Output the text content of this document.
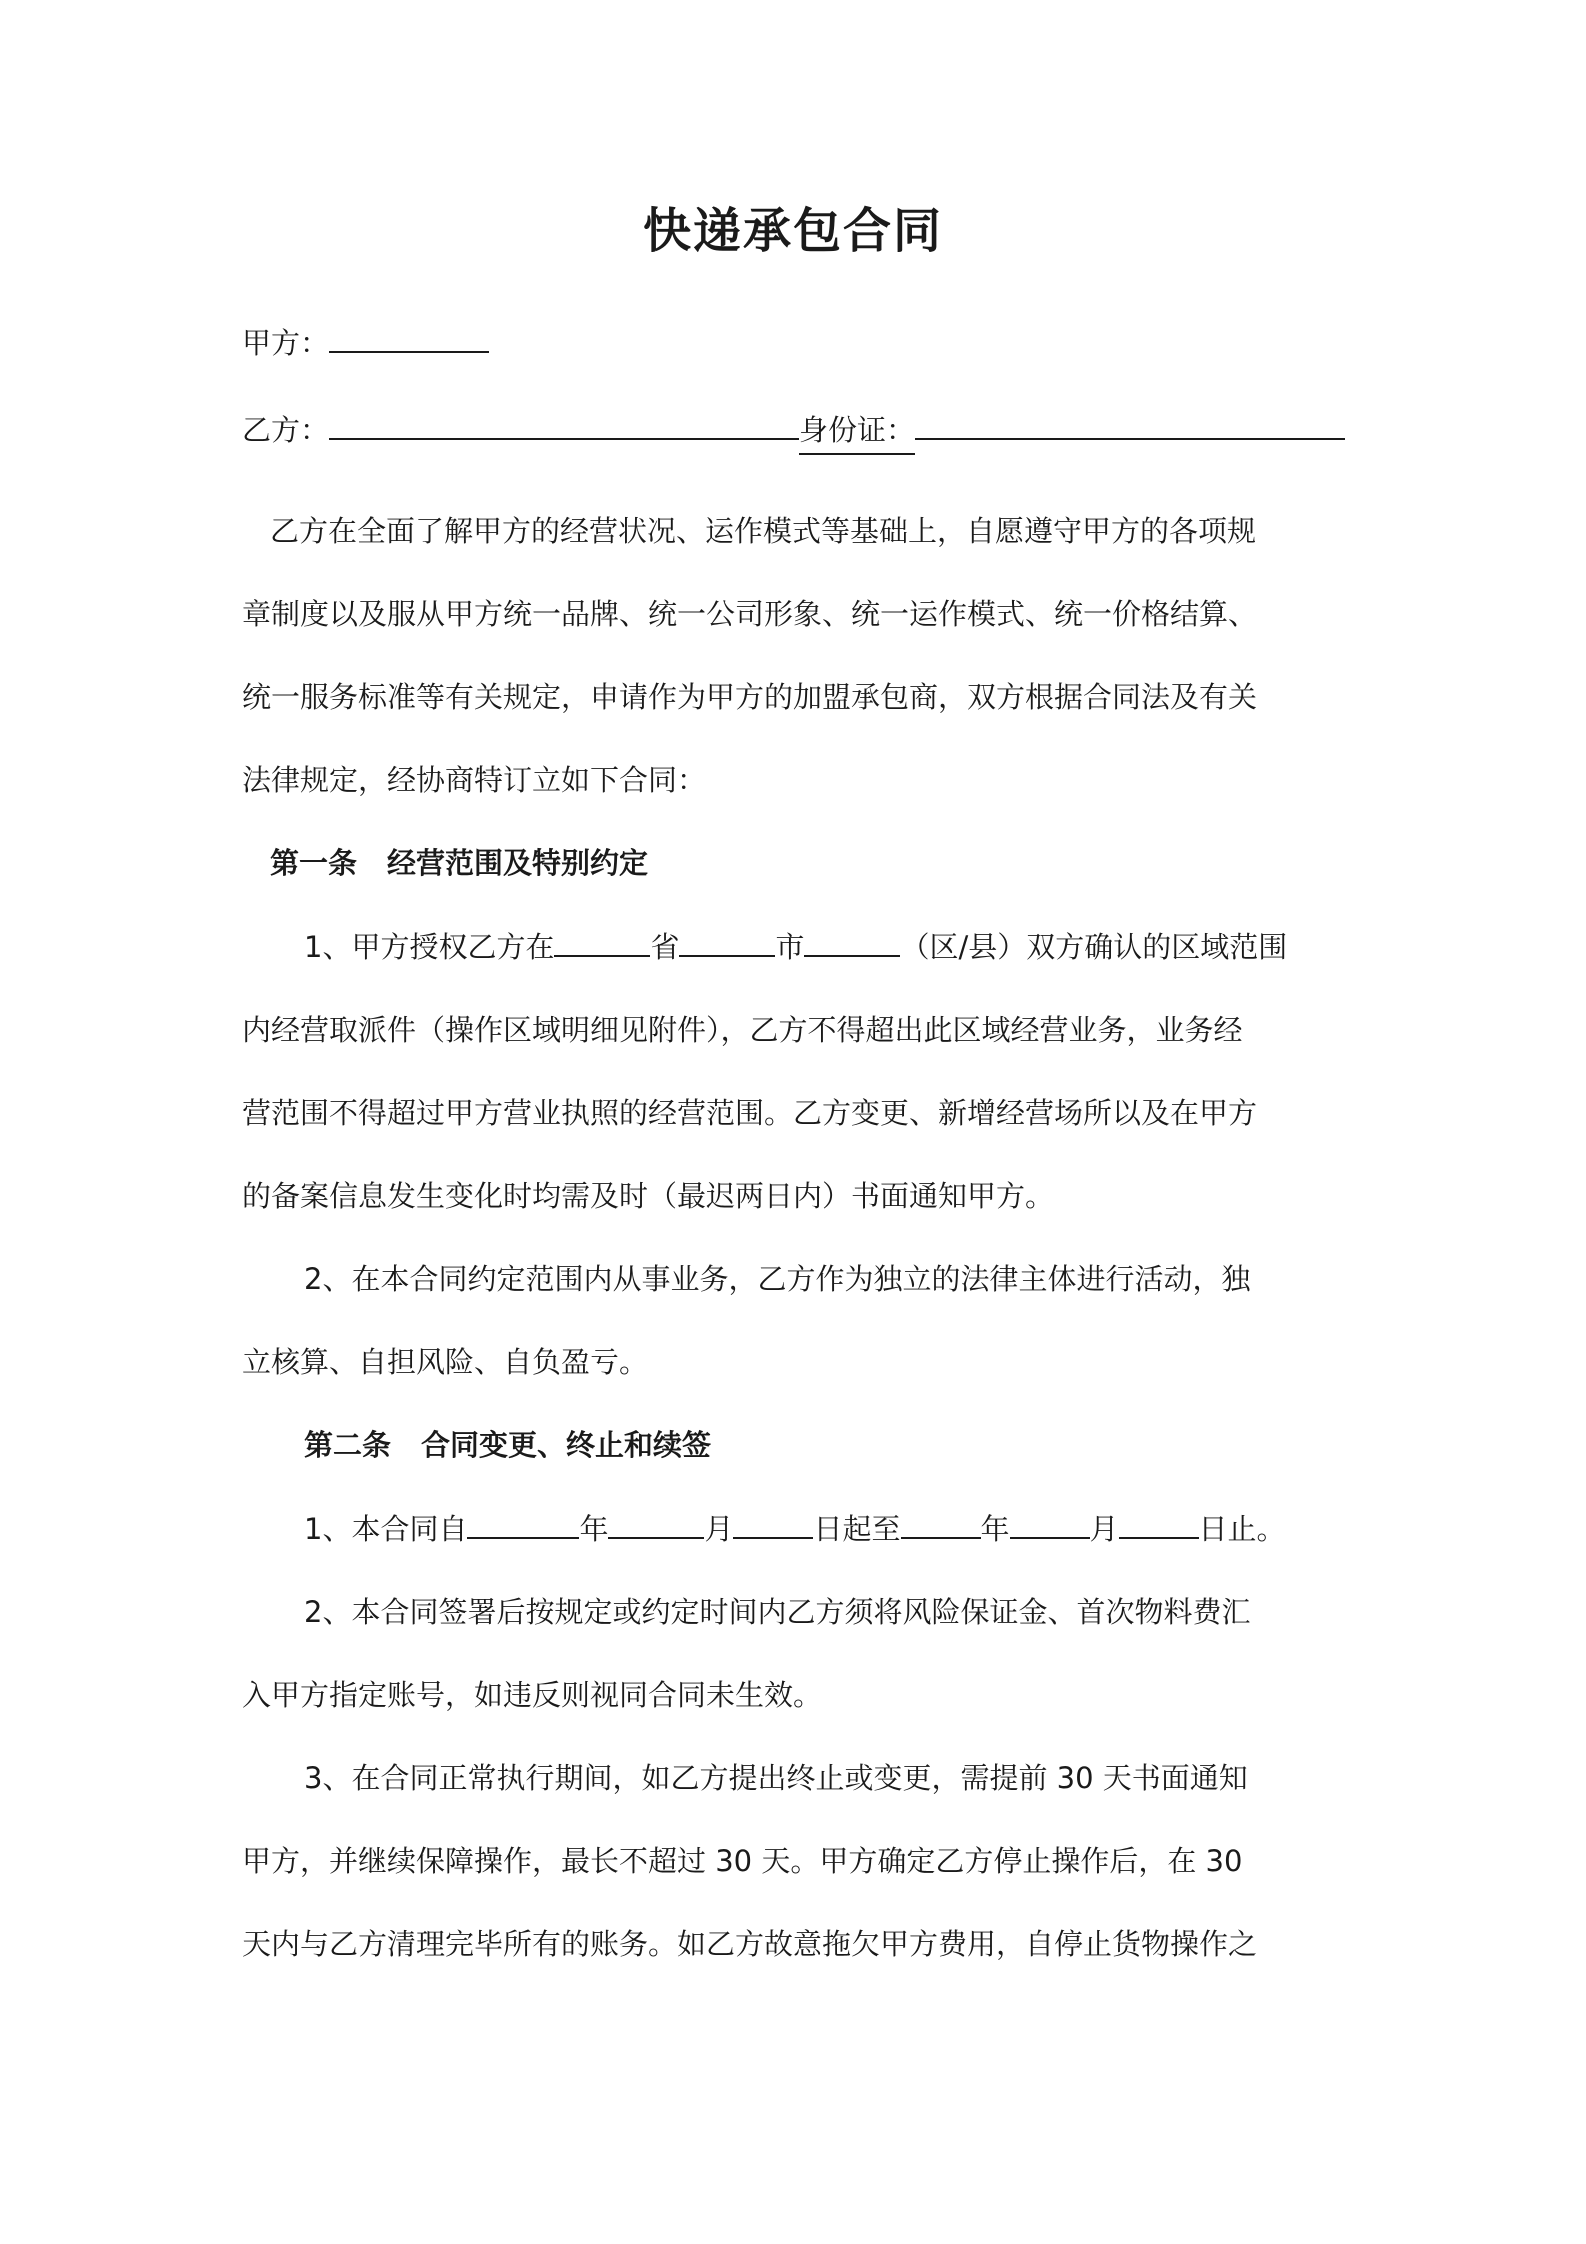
快递承包合同
甲方：
乙方：	身份证：
乙方在全面了解甲方的经营状况、运作模式等基础上，自愿遵守甲方的各项规
章制度以及服从甲方统一品牌、统一公司形象、统一运作模式、统一价格结算、
统一服务标准等有关规定，申请作为甲方的加盟承包商，双方根据合同法及有关
法律规定，经协商特订立如下合同：
第一条 经营范围及特别约定
1、甲方授权乙方在	省	市	（区/县）双方确认的区域范围
内经营取派件（操作区域明细见附件），乙方不得超出此区域经营业务，业务经
营范围不得超过甲方营业执照的经营范围。乙方变更、新增经营场所以及在甲方
的备案信息发生变化时均需及时（最迟两日内）书面通知甲方。
2、在本合同约定范围内从事业务，乙方作为独立的法律主体进行活动，独
立核算、自担风险、自负盈亏。
第二条 合同变更、终止和续签
1、本合同自	年	月	日起至	年	月	日止。
2、本合同签署后按规定或约定时间内乙方须将风险保证金、首次物料费汇
入甲方指定账号，如违反则视同合同未生效。
3、在合同正常执行期间，如乙方提出终止或变更，需提前 30 天书面通知
甲方，并继续保障操作，最长不超过 30 天。甲方确定乙方停止操作后，在 30
天内与乙方清理完毕所有的账务。如乙方故意拖欠甲方费用，自停止货物操作之
